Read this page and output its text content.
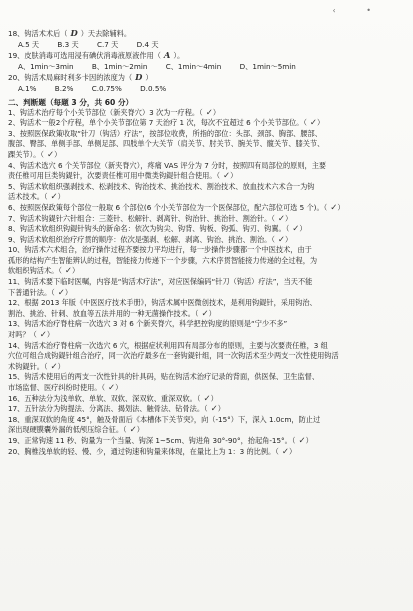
‹ •
18、钩活术术后（ D ）天去除辅料。
A.5 天	B.3 天	C.7 天	D.4 天
19、皮肤消毒可选用浸有碘伏消毒液原液作用（ A ）。
A、1min～3min	B、1min～2min	C、1min～4min	D、1min～5min
20、钩活术局麻时利多卡因的浓度为（ D ）
A.1%	B.2%	C.0.75%	D.0.5%
二、判断题（每题 3 分，共 60 分）
1、钩活术治疗每个小关节部位（新夹脊穴）3 次为一疗程。（ ✓）
2、钩活术一般2个疗程，单个小关节部位第 7 天治疗 1 次，每次不宜超过 6 个小关节部位。（ ✓）
3、按照医保政策收取“针刀（钩活）疗法”，按部位收费，所指的部位：头部、颈部、胸部、腰部、
腹部、臀部、单侧手部、单侧足部、四肢单个大关节（肩关节、肘关节、腕关节、髋关节、膝关节、
踝关节）。（ ✓）
4、钩活术选穴 6 个关节部位（新夹脊穴），疼痛 VAS 评分为 7 分时，按照四有局部位的原则，主要
责任椎可用巨类钩鍉针，次要责任椎可用中微类钩鍉针组合使用。（ ✓）
5、钩活术软组织强剥技术、松剥技术、钩治技术、挑治技术、割治技术、放血技术六术合一为钩
活术技术。（ ✓）
6、按照医保政策每个部位一般取 6 个部位(6 个小关节部位为一个医保部位，配六部位可选 5 个)。（ ✓）
7、钩活术钩鍉针六针组合：三菱针、松解针、剥离针、钩治针、挑治针、割治针。（ ✓）
8、钩活术软组织钩鍉针钩头的新命名：依次为钩尖、钩背、钩板、钩弧、钩刃、钩翼。（ ✓）
9、钩活术软组织治疗疗贯的顺序：依次是强剥、松解、剥离、钩治、挑治、割治。（ ✓）
10、钩活术六术组合，治疗操作过程齐要按力平均进行，每一步操作步骤都一个中医技术，由于
孤形的结构产生智能辨认的过程，智能接力传递下一个步骤，六术序贯智能接力传递的全过程，为
软组织钩活术。（ ✓）
11、钩活术要下临时医嘱，内容是“钩活术疗法”，对应医保编码“针刀（钩活）疗法”，当天不能
下普通针法。（ ✓）
12、根据 2013 年版《中医医疗技术手册》，钩活术属中医微创技术，是利用钩鍉针，采用钩治、
割治、挑治、针刺、放血等五法并用的一种无菌操作技术。（ ✓）
13、钩活术治疗脊柱病一次选穴 3 对 6 个新夹脊穴，科学把控钩度的原则是“宁少不多”
对吗？（ ✓）
14、钩活术治疗脊柱病一次选穴 6 穴，根据症状利用四有局部分布的原则，主要与次要责任椎，3 组
穴位可组合成钩鍉针组合治疗，同一次治疗最多在一套钩鍉针组，同一次钩活术至少两支一次性使用钩活
术钩鍉针。（ ✓）
15、钩活术使用后的两支一次性针具的针具码，贴在钩活术治疗记录的背面，供医保、卫生监督、
市场监督、医疗纠纷时使用。（ ✓）
16、五种法分为浅单软、单软、双软、深双软、重深双软。（ ✓）
17、五针法分为钩提法、分离法、揭划法、触骨法、钻骨法。（ ✓）
18、重深双软的角度 45°，触及骨面后《本槽体下关节突》，向（-15°）下，深入 1.0cm，防止过
深出现硬膜囊外漏的低颅压综合征。（ ✓）
19、正常钩速 11 秒、钩量为一个当量、钩深 1~5cm、钩进角 30°-90°，抬起角-15°。（ ✓）
20、胸椎浅单软的轻、慢、少，通过钩速和钩量来体现，在量比上为 1：3 的比例。（ ✓）
